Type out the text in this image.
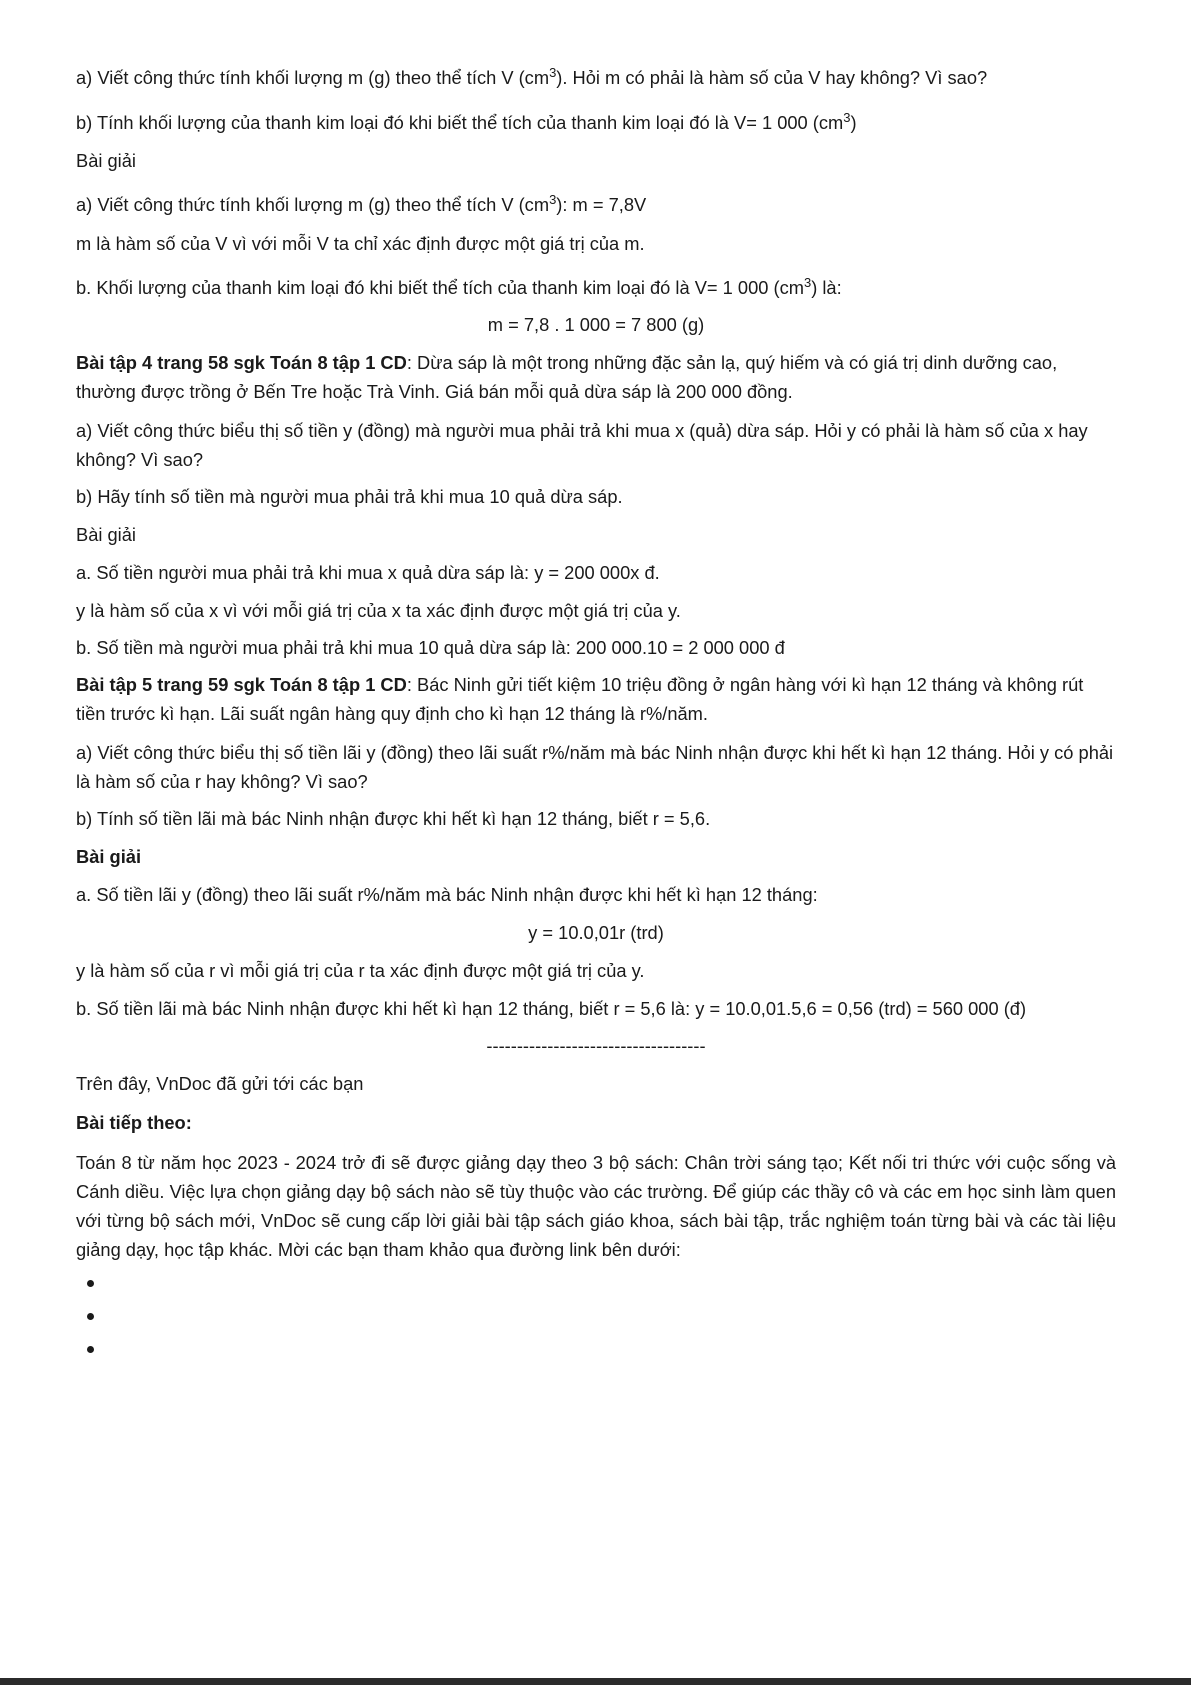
a) Viết công thức tính khối lượng m (g) theo thể tích V $(cm^3)$. Hỏi m có phải là hàm số của V hay không? Vì sao?
b) Tính khối lượng của thanh kim loại đó khi biết thể tích của thanh kim loại đó là V= 1 000 $(cm^3)$
Bài giải
a) Viết công thức tính khối lượng m (g) theo thể tích V $(cm^3)$: m = 7,8V
m là hàm số của V vì với mỗi V ta chỉ xác định được một giá trị của m.
b. Khối lượng của thanh kim loại đó khi biết thể tích của thanh kim loại đó là V= 1 000 $(cm^3)$ là:
m = 7,8 . 1 000 = 7 800 (g)
Bài tập 4 trang 58 sgk Toán 8 tập 1 CD: Dừa sáp là một trong những đặc sản lạ, quý hiếm và có giá trị dinh dưỡng cao, thường được trồng ở Bến Tre hoặc Trà Vinh. Giá bán mỗi quả dừa sáp là 200 000 đồng.
a) Viết công thức biểu thị số tiền y (đồng) mà người mua phải trả khi mua x (quả) dừa sáp. Hỏi y có phải là hàm số của x hay không? Vì sao?
b) Hãy tính số tiền mà người mua phải trả khi mua 10 quả dừa sáp.
Bài giải
a. Số tiền người mua phải trả khi mua x quả dừa sáp là: y = 200 000x đ.
y là hàm số của x vì với mỗi giá trị của x ta xác định được một giá trị của y.
b. Số tiền mà người mua phải trả khi mua 10 quả dừa sáp là: 200 000.10 = 2 000 000 đ
Bài tập 5 trang 59 sgk Toán 8 tập 1 CD: Bác Ninh gửi tiết kiệm 10 triệu đồng ở ngân hàng với kì hạn 12 tháng và không rút tiền trước kì hạn. Lãi suất ngân hàng quy định cho kì hạn 12 tháng là r%/năm.
a) Viết công thức biểu thị số tiền lãi y (đồng) theo lãi suất r%/năm mà bác Ninh nhận được khi hết kì hạn 12 tháng. Hỏi y có phải là hàm số của r hay không? Vì sao?
b) Tính số tiền lãi mà bác Ninh nhận được khi hết kì hạn 12 tháng, biết r = 5,6.
Bài giải
a. Số tiền lãi y (đồng) theo lãi suất r%/năm mà bác Ninh nhận được khi hết kì hạn 12 tháng:
y = 10.0,01r (trd)
y là hàm số của r vì mỗi giá trị của r ta xác định được một giá trị của y.
b. Số tiền lãi mà bác Ninh nhận được khi hết kì hạn 12 tháng, biết r = 5,6 là: y = 10.0,01.5,6 = 0,56 (trd) = 560 000 (đ)
------------------------------------
Trên đây, VnDoc đã gửi tới các bạn
Bài tiếp theo:
Toán 8 từ năm học 2023 - 2024 trở đi sẽ được giảng dạy theo 3 bộ sách: Chân trời sáng tạo; Kết nối tri thức với cuộc sống và Cánh diều. Việc lựa chọn giảng dạy bộ sách nào sẽ tùy thuộc vào các trường. Để giúp các thầy cô và các em học sinh làm quen với từng bộ sách mới, VnDoc sẽ cung cấp lời giải bài tập sách giáo khoa, sách bài tập, trắc nghiệm toán từng bài và các tài liệu giảng dạy, học tập khác. Mời các bạn tham khảo qua đường link bên dưới:
